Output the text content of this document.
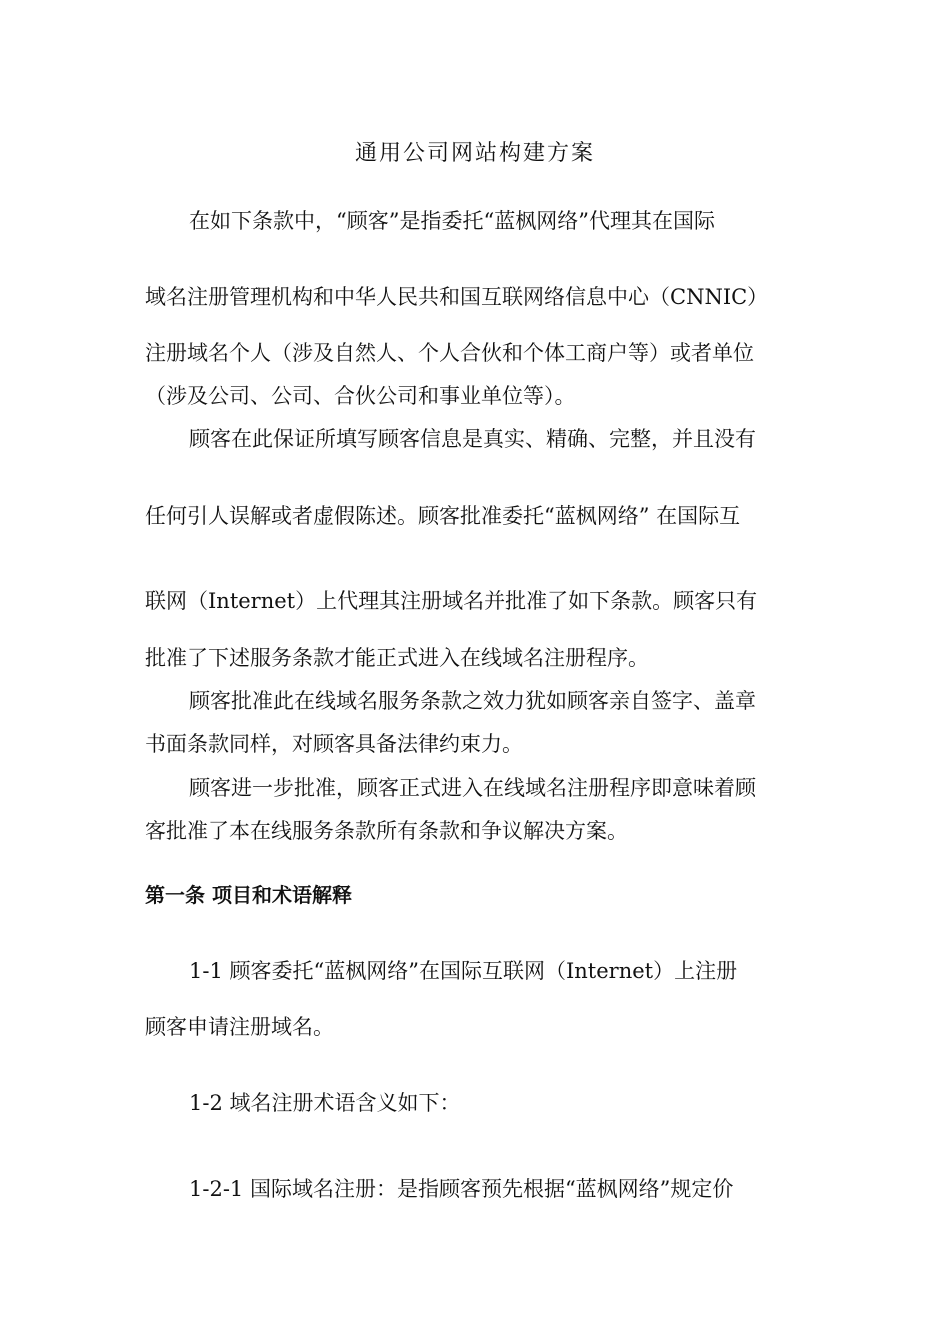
通用公司网站构建方案
在如下条款中，“顾客”是指委托“蓝枫网络”代理其在国际
域名注册管理机构和中华人民共和国互联网络信息中心（CNNIC）
注册域名个人（涉及自然人、个人合伙和个体工商户等）或者单位
（涉及公司、公司、合伙公司和事业单位等）。
顾客在此保证所填写顾客信息是真实、精确、完整，并且没有
任何引人误解或者虚假陈述。顾客批准委托“蓝枫网络” 在国际互
联网（Internet）上代理其注册域名并批准了如下条款。顾客只有
批准了下述服务条款才能正式进入在线域名注册程序。
顾客批准此在线域名服务条款之效力犹如顾客亲自签字、盖章
书面条款同样，对顾客具备法律约束力。
顾客进一步批准，顾客正式进入在线域名注册程序即意味着顾
客批准了本在线服务条款所有条款和争议解决方案。
第一条 项目和术语解释
1-1 顾客委托“蓝枫网络”在国际互联网（Internet）上注册
顾客申请注册域名。
1-2 域名注册术语含义如下：
1-2-1 国际域名注册：是指顾客预先根据“蓝枫网络”规定价
